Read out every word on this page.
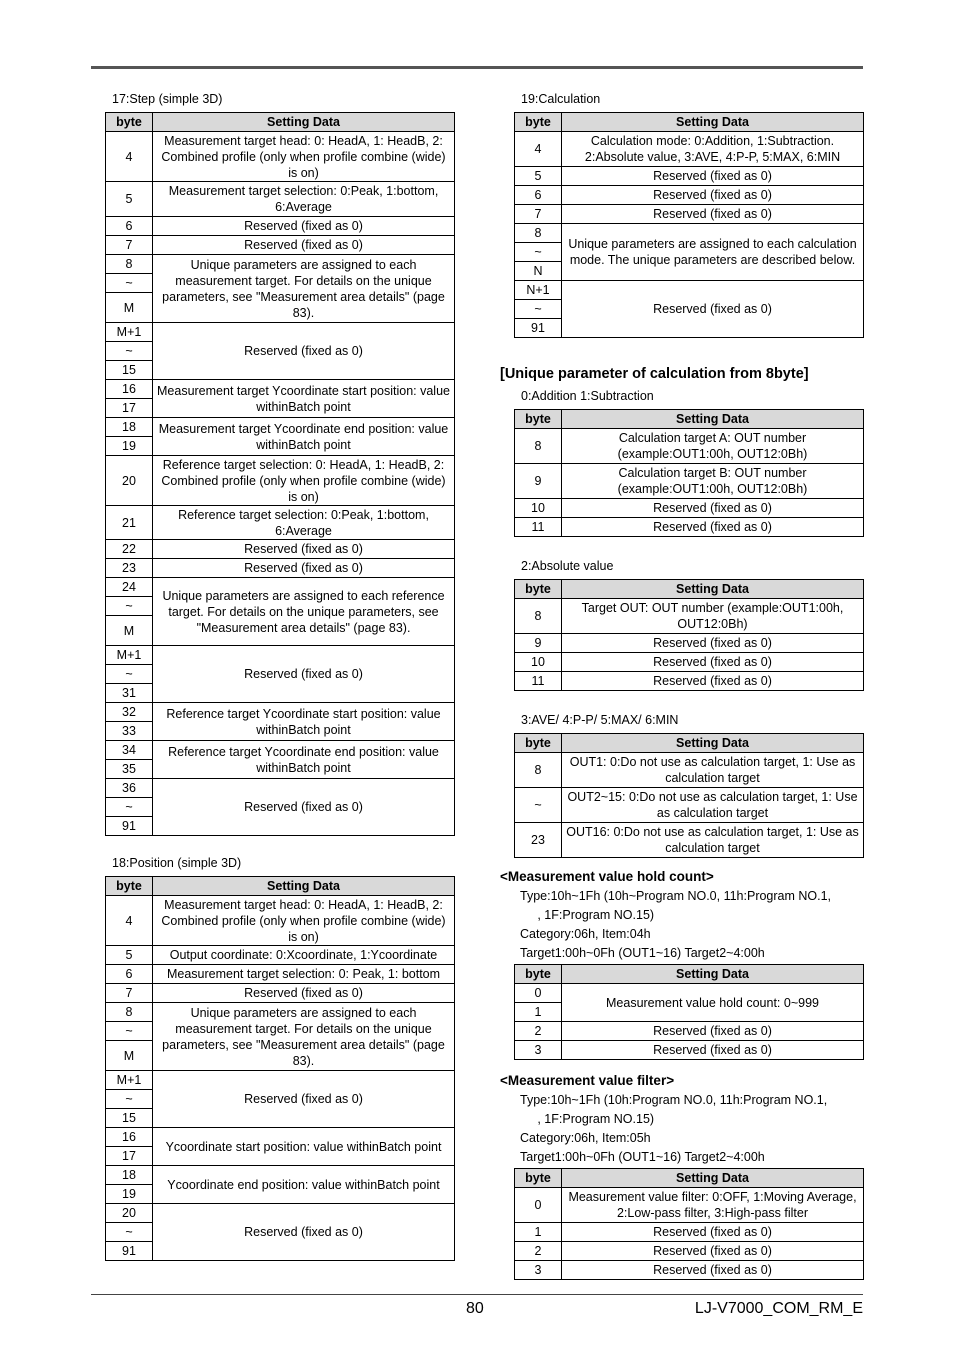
17:Step (simple 3D)
byte	Setting Data
4	Measurement target head: 0: HeadA, 1: HeadB, 2: Combined profile (only when profile combine (wide) is on)
5	Measurement target selection: 0:Peak, 1:bottom, 6:Average
6	Reserved (fixed as 0)
7	Reserved (fixed as 0)
8	Unique parameters are assigned to each measurement target. For details on the unique parameters, see "Measurement area details" (page 83).
~	
M	
M+1	Reserved (fixed as 0)
~	
15	
16	Measurement target Ycoordinate start position: value withinBatch point
17	
18	Measurement target Ycoordinate end position: value withinBatch point
19	
20	Reference target selection: 0: HeadA, 1: HeadB, 2: Combined profile (only when profile combine (wide) is on)
21	Reference target selection: 0:Peak, 1:bottom, 6:Average
22	Reserved (fixed as 0)
23	Reserved (fixed as 0)
24	Unique parameters are assigned to each reference target. For details on the unique parameters, see "Measurement area details" (page 83).
~	
M	
M+1	Reserved (fixed as 0)
~	
31	
32	Reference target Ycoordinate start position: value withinBatch point
33	
34	Reference target Ycoordinate end position: value withinBatch point
35	
36	Reserved (fixed as 0)
~	
91	
18:Position (simple 3D)
byte	Setting Data
4	Measurement target head: 0: HeadA, 1: HeadB, 2: Combined profile (only when profile combine (wide) is on)
5	Output coordinate: 0:Xcoordinate, 1:Ycoordinate
6	Measurement target selection: 0: Peak, 1: bottom
7	Reserved (fixed as 0)
8	Unique parameters are assigned to each measurement target. For details on the unique parameters, see "Measurement area details" (page 83).
~	
M	
M+1	Reserved (fixed as 0)
~	
15	
16	Ycoordinate start position: value withinBatch point
17	
18	Ycoordinate end position: value withinBatch point
19	
20	Reserved (fixed as 0)
~	
91	
19:Calculation
byte	Setting Data
4	Calculation mode: 0:Addition, 1:Subtraction. 2:Absolute value, 3:AVE, 4:P-P, 5:MAX, 6:MIN
5	Reserved (fixed as 0)
6	Reserved (fixed as 0)
7	Reserved (fixed as 0)
8	Unique parameters are assigned to each calculation mode. The unique parameters are described below.
~	
N	
N+1	Reserved (fixed as 0)
~	
91	
[Unique parameter of calculation from 8byte]
0:Addition 1:Subtraction
byte	Setting Data
8	Calculation target A: OUT number (example:OUT1:00h, OUT12:0Bh)
9	Calculation target B: OUT number (example:OUT1:00h, OUT12:0Bh)
10	Reserved (fixed as 0)
11	Reserved (fixed as 0)
2:Absolute value
byte	Setting Data
8	Target OUT: OUT number (example:OUT1:00h, OUT12:0Bh)
9	Reserved (fixed as 0)
10	Reserved (fixed as 0)
11	Reserved (fixed as 0)
3:AVE/ 4:P-P/ 5:MAX/ 6:MIN
byte	Setting Data
8	OUT1: 0:Do not use as calculation target, 1: Use as calculation target
~	OUT2~15: 0:Do not use as calculation target, 1: Use as calculation target
23	OUT16: 0:Do not use as calculation target, 1: Use as calculation target
<Measurement value hold count>
Type:10h~1Fh (10h~Program NO.0, 11h:Program NO.1,
, 1F:Program NO.15)
Category:06h, Item:04h
Target1:00h~0Fh (OUT1~16) Target2~4:00h
byte	Setting Data
0	Measurement value hold count: 0~999
1	
2	Reserved (fixed as 0)
3	Reserved (fixed as 0)
<Measurement value filter>
Type:10h~1Fh (10h:Program NO.0, 11h:Program NO.1,
, 1F:Program NO.15)
Category:06h, Item:05h
Target1:00h~0Fh (OUT1~16) Target2~4:00h
byte	Setting Data
0	Measurement value filter: 0:OFF, 1:Moving Average, 2:Low-pass filter, 3:High-pass filter
1	Reserved (fixed as 0)
2	Reserved (fixed as 0)
3	Reserved (fixed as 0)
80	LJ-V7000_COM_RM_E
